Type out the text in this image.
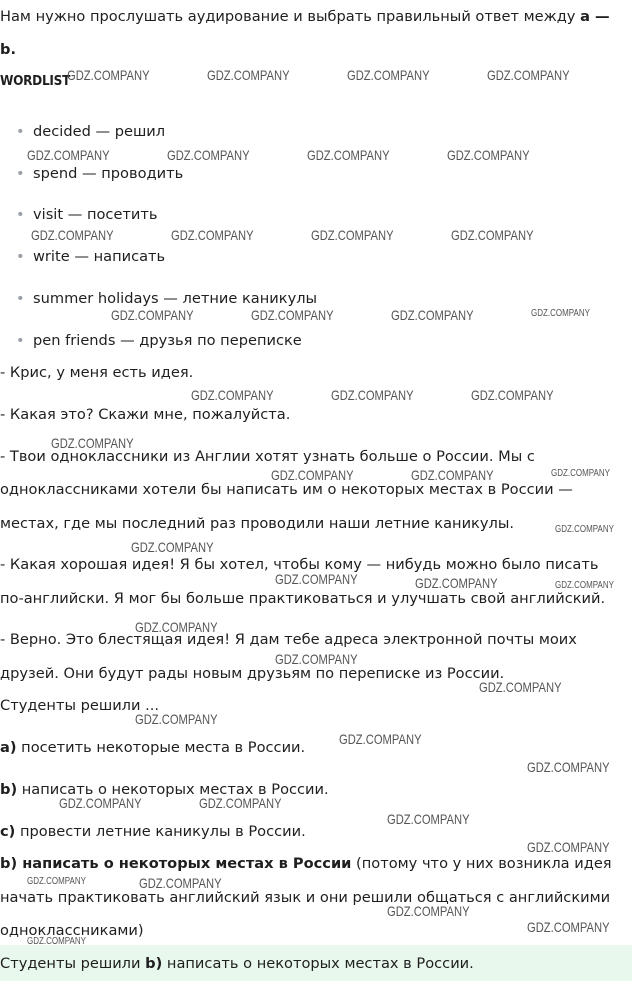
Нам нужно прослушать аудирование и выбрать правильный ответ между a —
b.
WORDLIST
• decided — решил
• spend — проводить
• visit — посетить
• write — написать
• summer holidays — летние каникулы
• pen friends — друзья по переписке
- Крис, у меня есть идея.
- Какая это? Скажи мне, пожалуйста.
- Твои одноклассники из Англии хотят узнать больше о России. Мы с
одноклассниками хотели бы написать им о некоторых местах в России —
местах, где мы последний раз проводили наши летние каникулы.
- Какая хорошая идея! Я бы хотел, чтобы кому — нибудь можно было писать
по-английски. Я мог бы больше практиковаться и улучшать свой английский.
- Верно. Это блестящая идея! Я дам тебе адреса электронной почты моих
друзей. Они будут рады новым друзьям по переписке из России.
Студенты решили ...
a) посетить некоторые места в России.
b) написать о некоторых местах в России.
c) провести летние каникулы в России.
b) написать о некоторых местах в России (потому что у них возникла идея
начать практиковать английский язык и они решили общаться с английскими
одноклассниками)
Студенты решили b) написать о некоторых местах в России.
GDZ.COMPANY	GDZ.COMPANY	GDZ.COMPANY	GDZ.COMPANY
GDZ.COMPANY	GDZ.COMPANY	GDZ.COMPANY	GDZ.COMPANY
GDZ.COMPANY	GDZ.COMPANY	GDZ.COMPANY	GDZ.COMPANY
GDZ.COMPANY	GDZ.COMPANY	GDZ.COMPANY	GDZ.COMPANY
GDZ.COMPANY	GDZ.COMPANY	GDZ.COMPANY
GDZ.COMPANY
GDZ.COMPANY	GDZ.COMPANY	GDZ.COMPANY
GDZ.COMPANY
GDZ.COMPANY
GDZ.COMPANY	GDZ.COMPANY	GDZ.COMPANY
GDZ.COMPANY
GDZ.COMPANY
GDZ.COMPANY
GDZ.COMPANY
GDZ.COMPANY
GDZ.COMPANY
GDZ.COMPANY	GDZ.COMPANY
GDZ.COMPANY
GDZ.COMPANY
GDZ.COMPANY	GDZ.COMPANY
GDZ.COMPANY
GDZ.COMPANY
GDZ.COMPANY
